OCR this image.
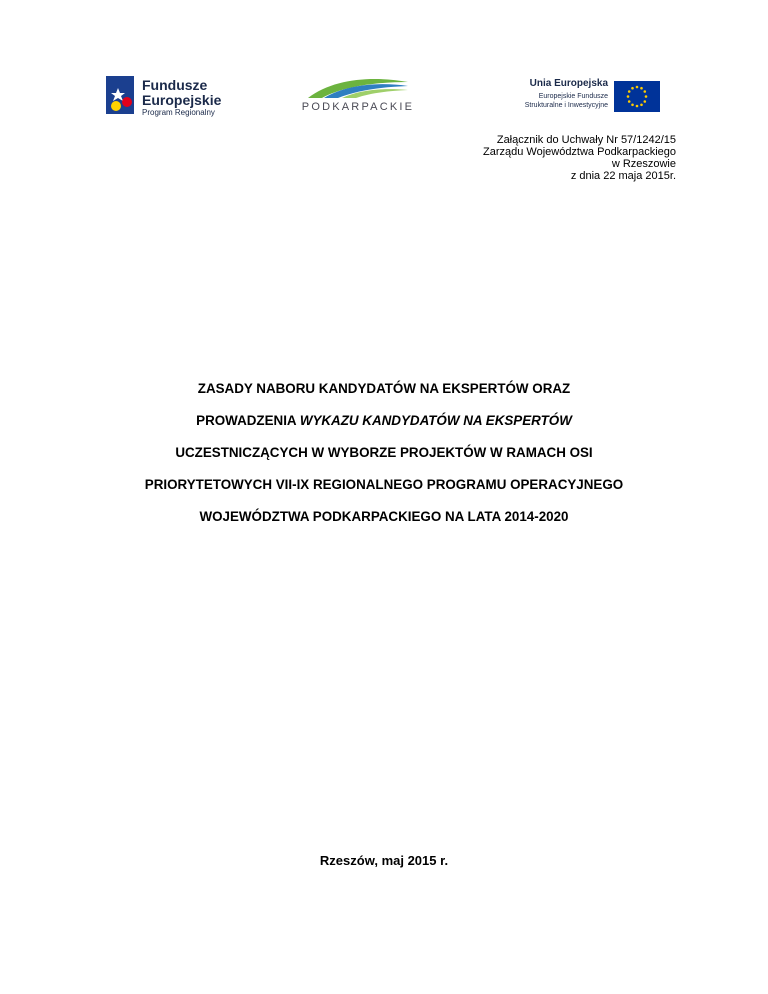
Fundusze
Europejskie
Program Regionalny	PODKARPACKIE
Unia Europejska
Europejskie Fundusze
Strukturalne i Inwestycyjne
Załącznik do Uchwały Nr 57/1242/15
Zarządu Województwa Podkarpackiego
w Rzeszowie
z dnia 22 maja 2015r.
ZASADY NABORU KANDYDATÓW NA EKSPERTÓW ORAZ
PROWADZENIA WYKAZU KANDYDATÓW NA EKSPERTÓW
UCZESTNICZĄCYCH W WYBORZE PROJEKTÓW W RAMACH OSI
PRIORYTETOWYCH VII-IX REGIONALNEGO PROGRAMU OPERACYJNEGO
WOJEWÓDZTWA PODKARPACKIEGO NA LATA 2014-2020
Rzeszów, maj 2015 r.
